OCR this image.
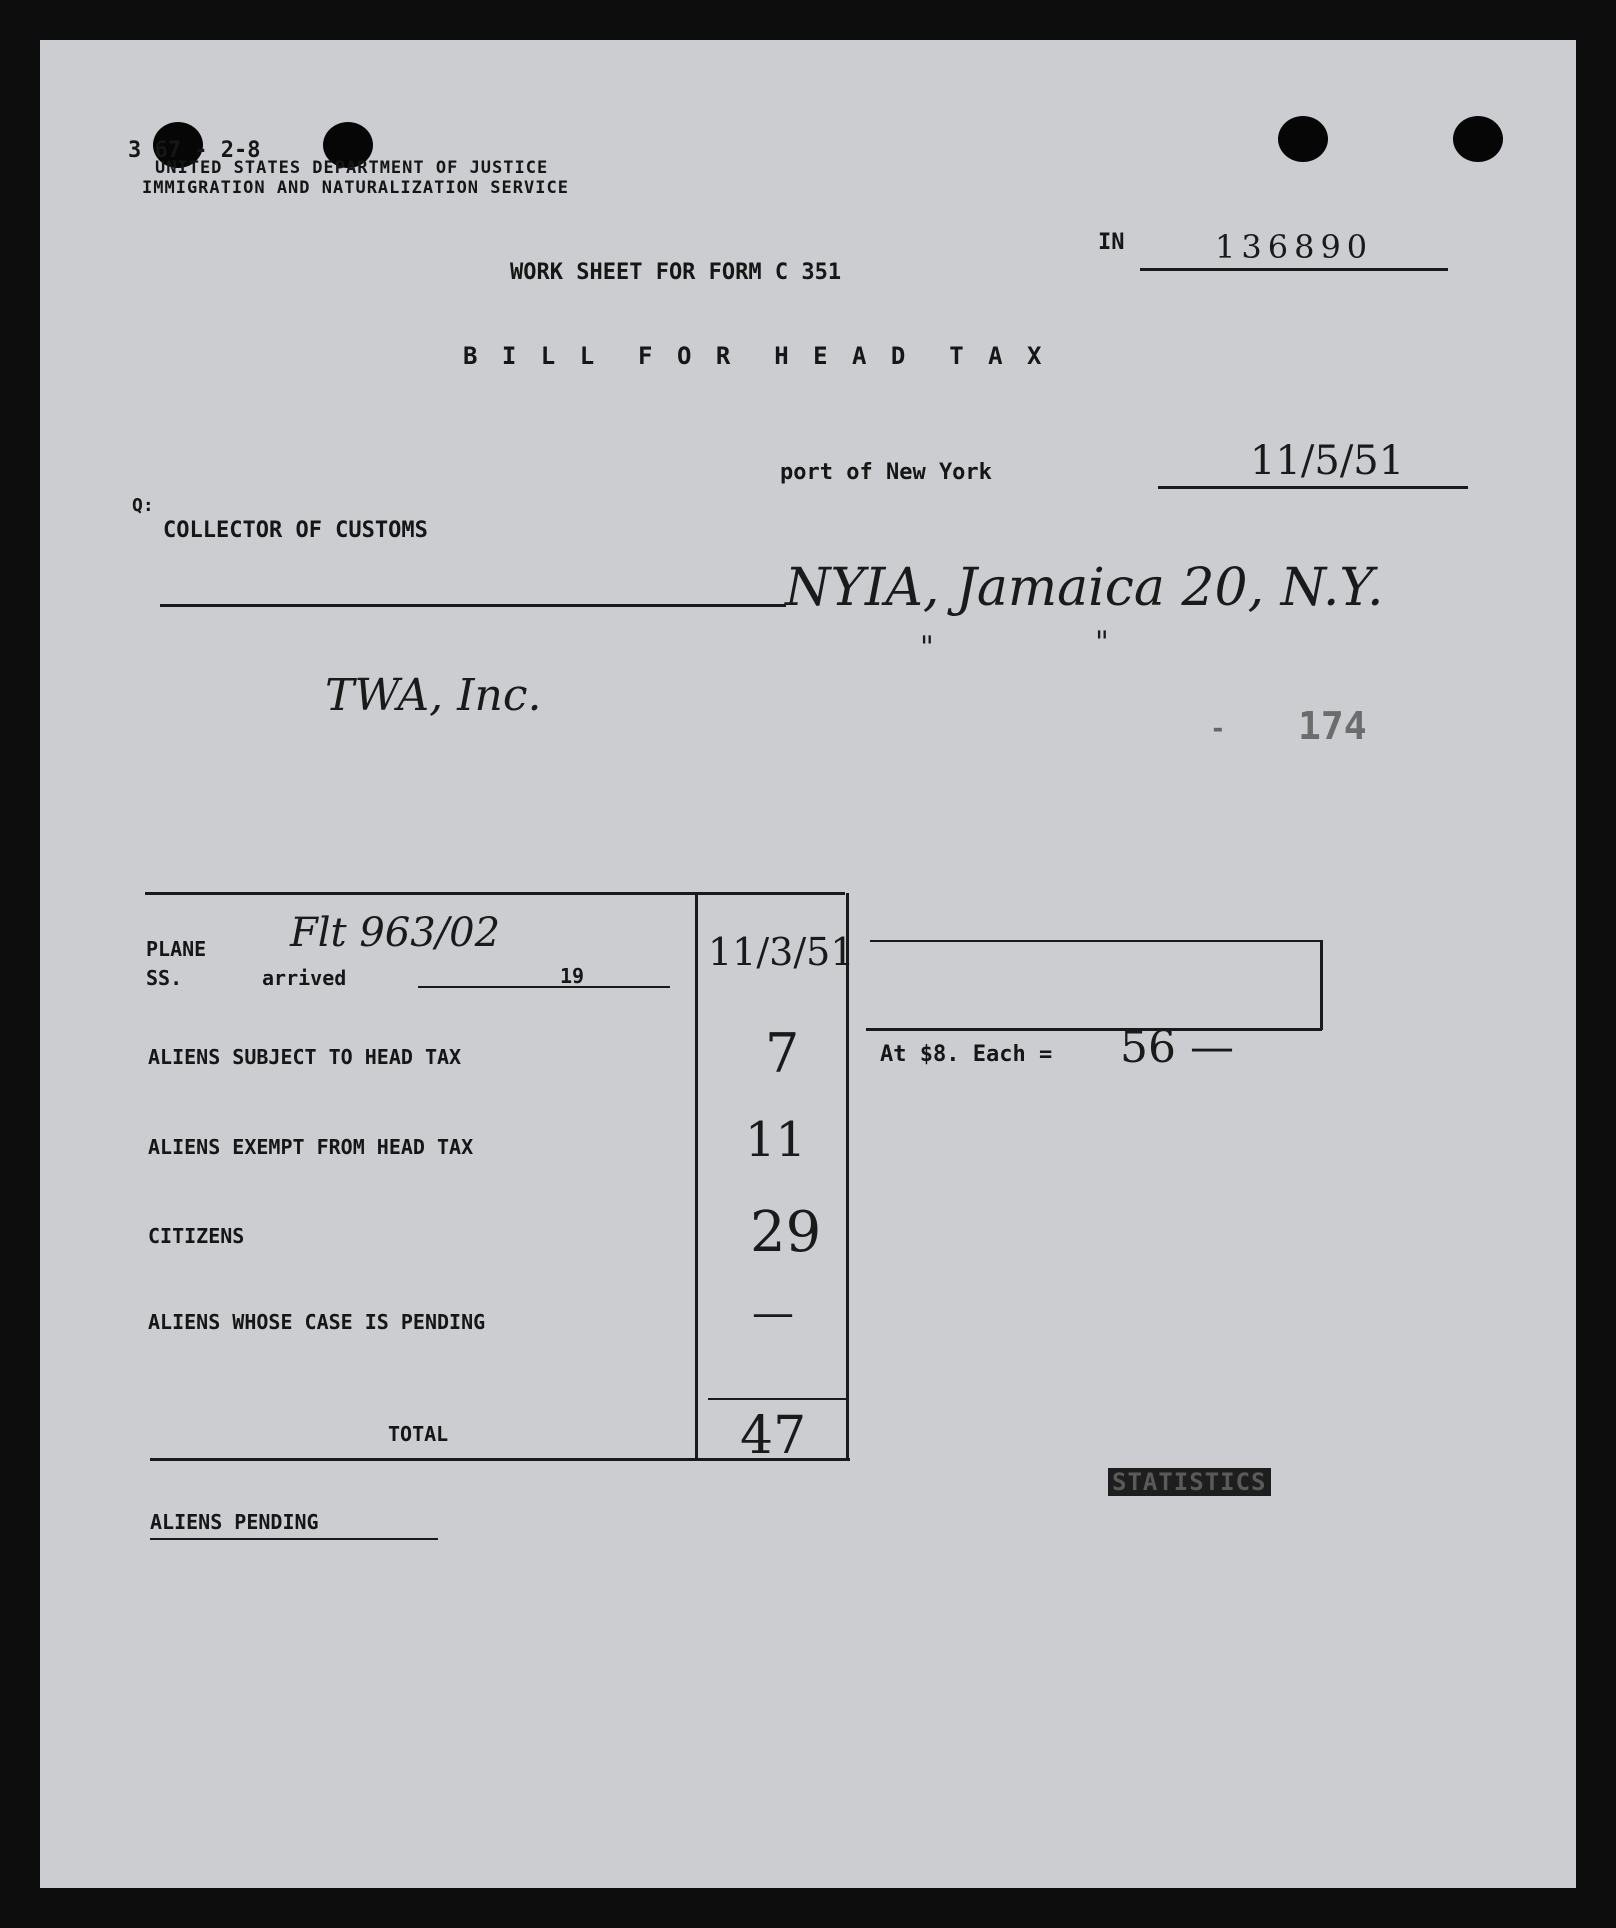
3 67 - 2-8
UNITED STATES DEPARTMENT OF JUSTICE
IMMIGRATION AND NATURALIZATION SERVICE
IN	136890
WORK SHEET FOR FORM C 351
B I L L  F O R  H E A D  T A X
port of New York	11/5/51
Q:
COLLECTOR OF CUSTOMS
NYIA, Jamaica 20, N.Y.
"	"
TWA, Inc.
- 174
PLANE
SS.	arrived	19
Flt 963/02	11/3/51
ALIENS SUBJECT TO HEAD TAX	7
ALIENS EXEMPT FROM HEAD TAX	11
CITIZENS	29
ALIENS WHOSE CASE IS PENDING	—
TOTAL	47
At $8. Each = 56 —
STATISTICS
ALIENS PENDING
